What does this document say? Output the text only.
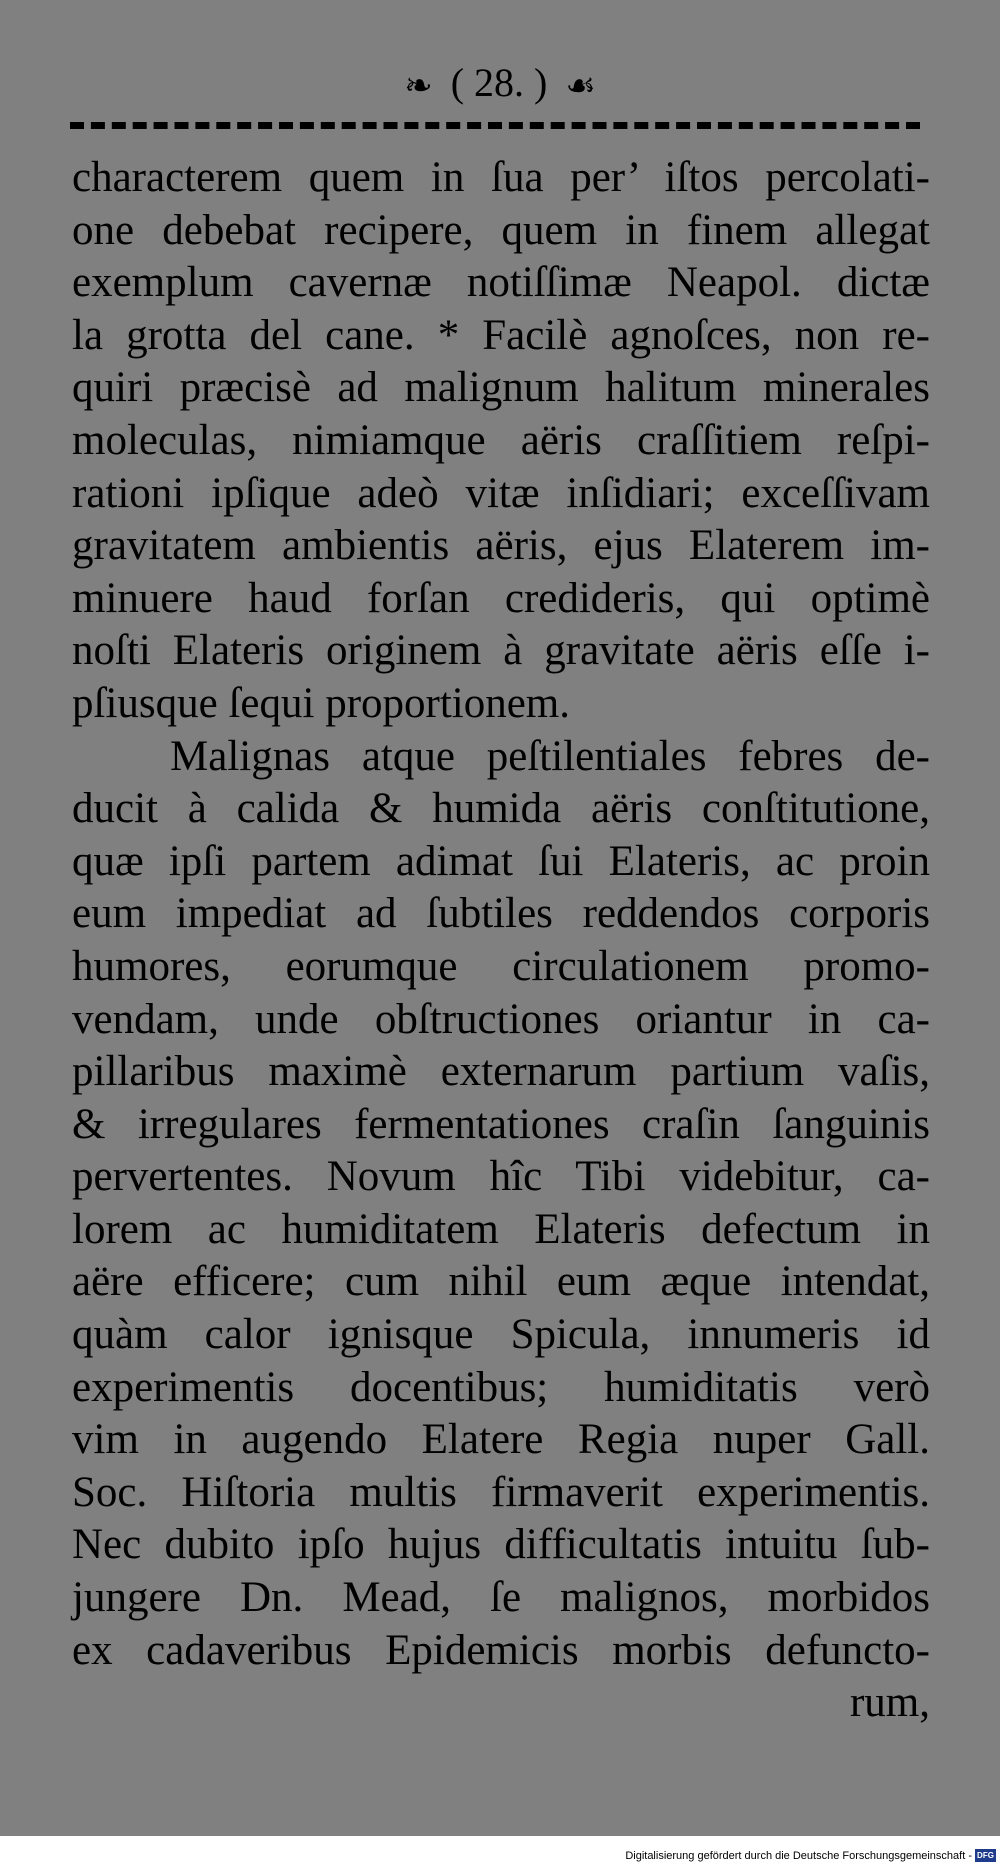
❧ ( 28. ) ☙
characterem quem in ſua per’ iſtos percolati-
one debebat recipere, quem in finem allegat
exemplum cavernæ notiſſimæ Neapol. dictæ
la grotta del cane. * Facilè agnoſces, non re-
quiri præcisè ad malignum halitum minerales
moleculas, nimiamque aëris craſſitiem reſpi-
rationi ipſique adeò vitæ inſidiari; exceſſivam
gravitatem ambientis aëris, ejus Elaterem im-
minuere haud forſan credideris, qui optimè
noſti Elateris originem à gravitate aëris eſſe i-
pſiusque ſequi proportionem.
Malignas atque peſtilentiales febres de-
ducit à calida & humida aëris conſtitutione,
quæ ipſi partem adimat ſui Elateris, ac proin
eum impediat ad ſubtiles reddendos corporis
humores, eorumque circulationem promo-
vendam, unde obſtructiones oriantur in ca-
pillaribus maximè externarum partium vaſis,
& irregulares fermentationes craſin ſanguinis
pervertentes. Novum hîc Tibi videbitur, ca-
lorem ac humiditatem Elateris defectum in
aëre efficere; cum nihil eum æque intendat,
quàm calor ignisque Spicula, innumeris id
experimentis docentibus; humiditatis verò
vim in augendo Elatere Regia nuper Gall.
Soc. Hiſtoria multis firmaverit experimentis.
Nec dubito ipſo hujus difficultatis intuitu ſub-
jungere Dn. Mead, ſe malignos, morbidos
ex cadaveribus Epidemicis morbis defuncto-
rum,
Digitalisierung gefördert durch die Deutsche Forschungsgemeinschaft - DFG
